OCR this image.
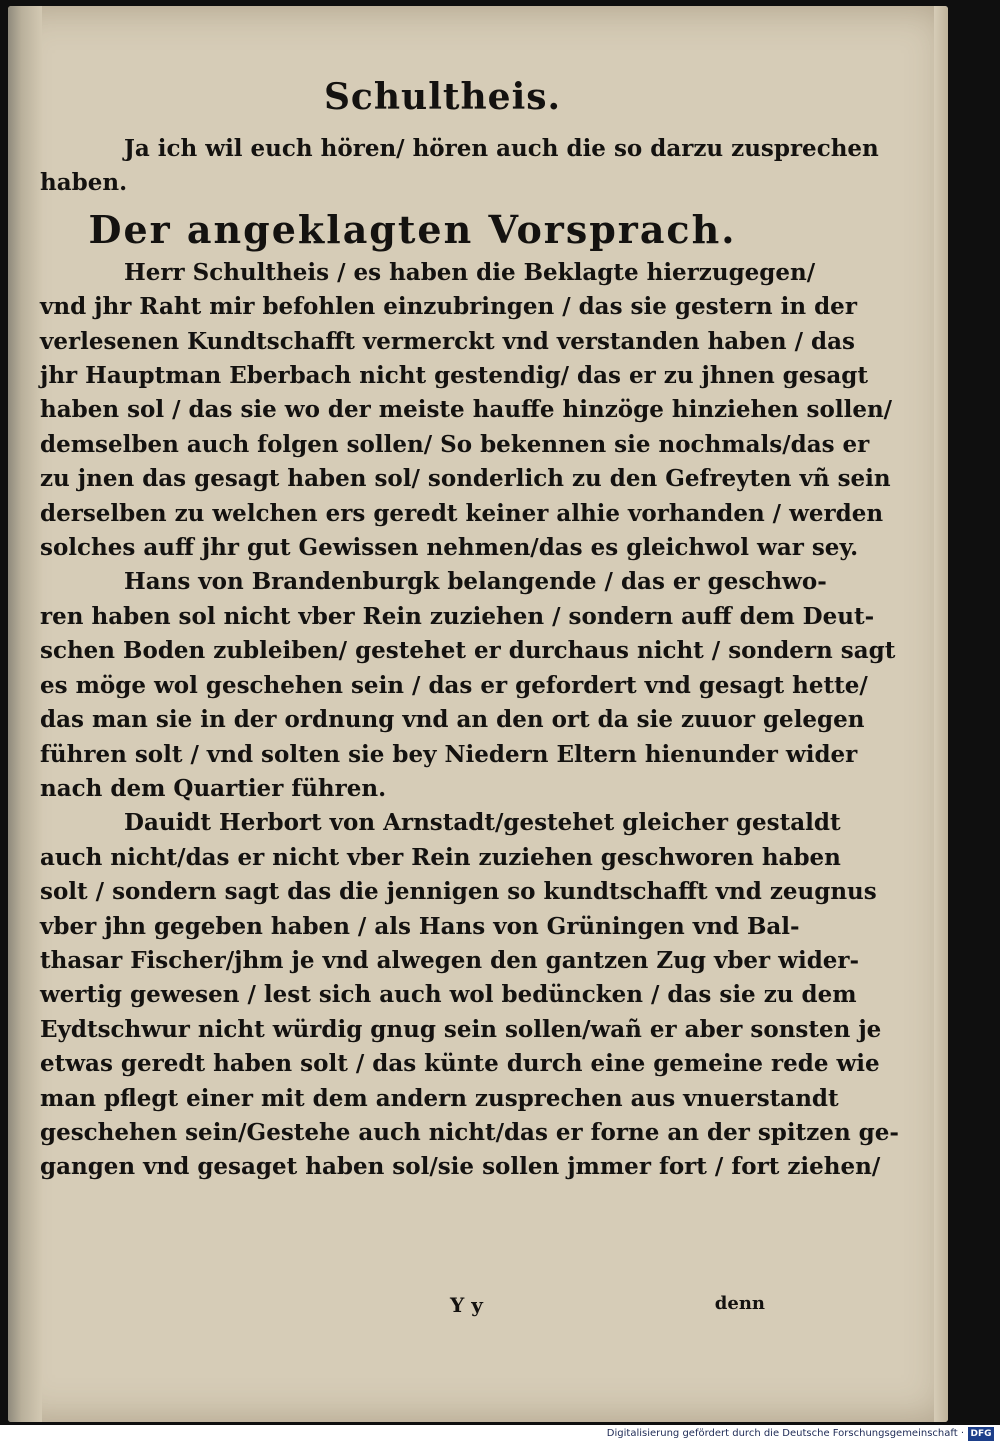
Schultheis.
Ja ich wil euch hören/ hören auch die so darzu zusprechen
haben.
Der angeklagten Vorsprach.
Herr Schultheis / es haben die Beklagte hierzugegen/
vnd jhr Raht mir befohlen einzubringen / das sie gestern in der
verlesenen Kundtschafft vermerckt vnd verstanden haben / das
jhr Hauptman Eberbach nicht gestendig/ das er zu jhnen gesagt
haben sol / das sie wo der meiste hauffe hinzöge hinziehen sollen/
demselben auch folgen sollen/ So bekennen sie nochmals/das er
zu jnen das gesagt haben sol/ sonderlich zu den Gefreyten vñ sein
derselben zu welchen ers geredt keiner alhie vorhanden / werden
solches auff jhr gut Gewissen nehmen/das es gleichwol war sey.
Hans von Brandenburgk belangende / das er geschwo-
ren haben sol nicht vber Rein zuziehen / sondern auff dem Deut-
schen Boden zubleiben/ gestehet er durchaus nicht / sondern sagt
es möge wol geschehen sein / das er gefordert vnd gesagt hette/
das man sie in der ordnung vnd an den ort da sie zuuor gelegen
führen solt / vnd solten sie bey Niedern Eltern hienunder wider
nach dem Quartier führen.
Dauidt Herbort von Arnstadt/gestehet gleicher gestaldt
auch nicht/das er nicht vber Rein zuziehen geschworen haben
solt / sondern sagt das die jennigen so kundtschafft vnd zeugnus
vber jhn gegeben haben / als Hans von Grüningen vnd Bal-
thasar Fischer/jhm je vnd alwegen den gantzen Zug vber wider-
wertig gewesen / lest sich auch wol bedüncken / das sie zu dem
Eydtschwur nicht würdig gnug sein sollen/wañ er aber sonsten je
etwas geredt haben solt / das künte durch eine gemeine rede wie
man pflegt einer mit dem andern zusprechen aus vnuerstandt
geschehen sein/Gestehe auch nicht/das er forne an der spitzen ge-
gangen vnd gesaget haben sol/sie sollen jmmer fort / fort ziehen/
Y y	denn
Digitalisierung gefördert durch die Deutsche Forschungsgemeinschaft · DFG
